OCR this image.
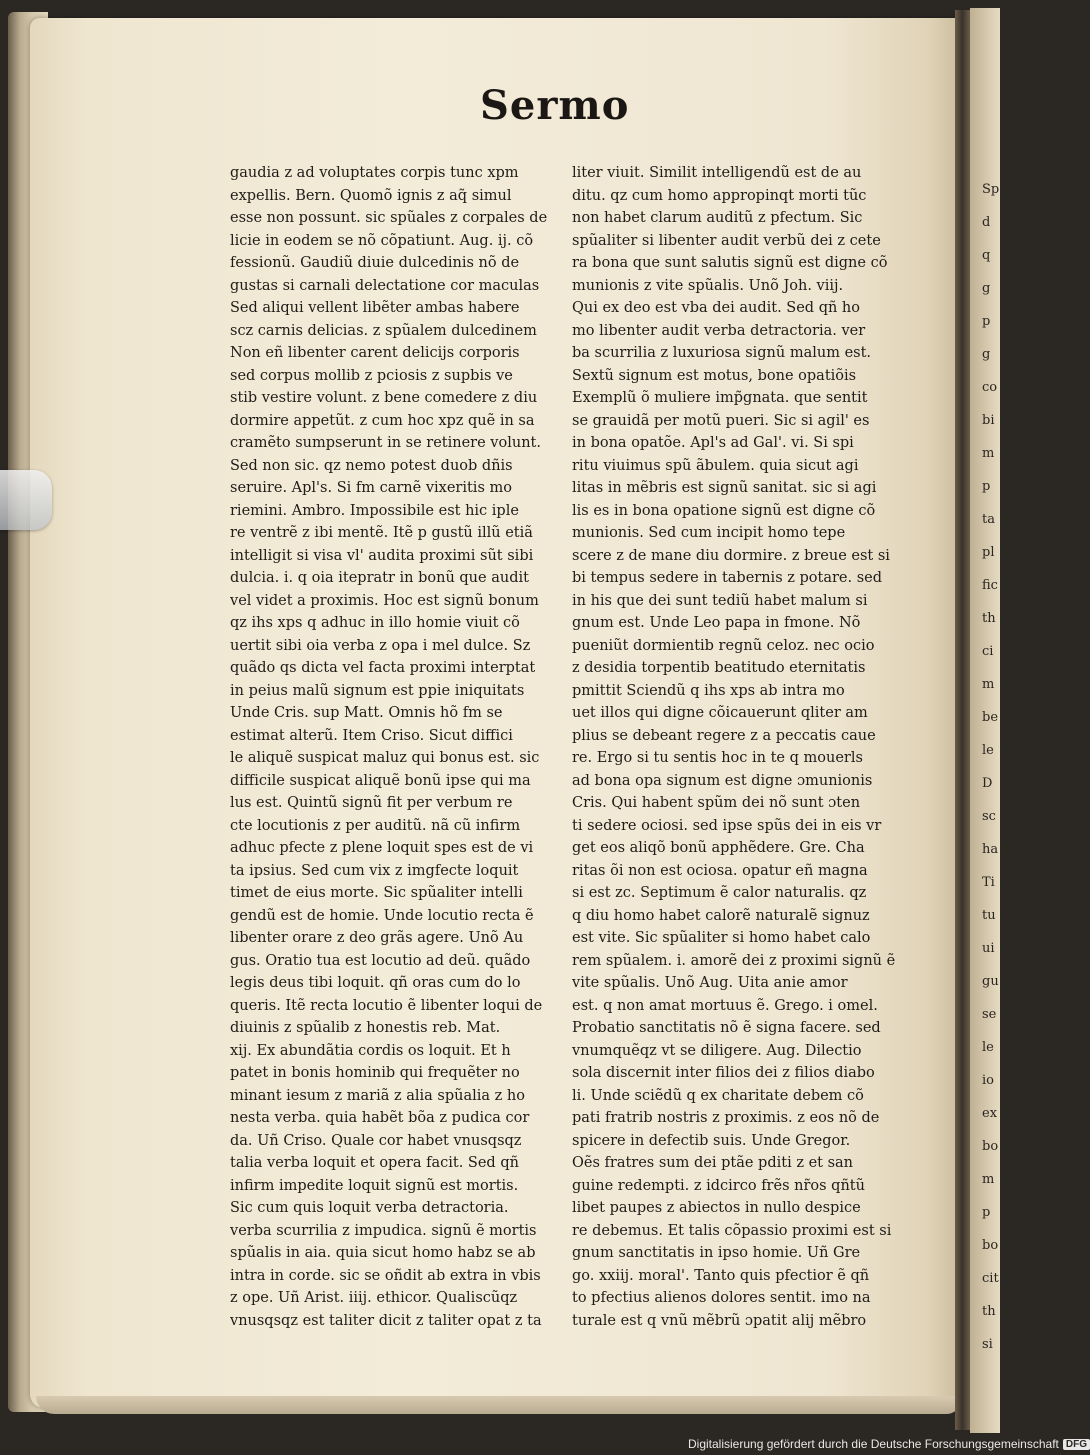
Sermo
gaudia z ad voluptates corpis tunc xpm
expellis. Bern. Quomõ ignis z aq̃ simul
esse non possunt. sic spũales z corpales de
licie in eodem se nõ cõpatiunt. Aug. ij. cõ
fessionũ. Gaudiũ diuie dulcedinis nõ de
gustas si carnali delectatione cor maculas
Sed aliqui vellent libẽter ambas habere
scz carnis delicias. z spũalem dulcedinem
Non eñ libenter carent delicijs corporis
sed corpus mollib z pciosis z supbis ve
stib vestire volunt. z bene comedere z diu
dormire appetũt. z cum hoc xpz quẽ in sa
cramẽto sumpserunt in se retinere volunt.
Sed non sic. qz nemo potest duob dñis
seruire. Apl's. Si fm carnẽ vixeritis mo
riemini. Ambro. Impossibile est hic iple
re ventrẽ z ibi mentẽ. Itẽ p gustũ illũ etiã
intelligit si visa vl' audita proximi sũt sibi
dulcia. i. q oia itepratr in bonũ que audit
vel videt a proximis. Hoc est signũ bonum
qz ihs xps q adhuc in illo homie viuit cõ
uertit sibi oia verba z opa i mel dulce. Sz
quãdo qs dicta vel facta proximi interptat
in peius malũ signum est ppie iniquitats
Unde Cris. sup Matt. Omnis hõ fm se
estimat alterũ. Item Criso. Sicut diffici
le aliquẽ suspicat maluz qui bonus est. sic
difficile suspicat aliquẽ bonũ ipse qui ma
lus est. Quintũ signũ fit per verbum re
cte locutionis z per auditũ. nã cũ infirm
adhuc pfecte z plene loquit spes est de vi
ta ipsius. Sed cum vix z imgfecte loquit
timet de eius morte. Sic spũaliter intelli
gendũ est de homie. Unde locutio recta ẽ
libenter orare z deo grãs agere. Unõ Au
gus. Oratio tua est locutio ad deũ. quãdo
legis deus tibi loquit. qñ oras cum do lo
queris. Itẽ recta locutio ẽ libenter loqui de
diuinis z spũalib z honestis reb. Mat.
xij. Ex abundãtia cordis os loquit. Et h
patet in bonis hominib qui frequẽter no
minant iesum z mariã z alia spũalia z ho
nesta verba. quia habẽt bõa z pudica cor
da. Uñ Criso. Quale cor habet vnusqsqz
talia verba loquit et opera facit. Sed qñ
infirm impedite loquit signũ est mortis.
Sic cum quis loquit verba detractoria.
verba scurrilia z impudica. signũ ẽ mortis
spũalis in aia. quia sicut homo habz se ab
intra in corde. sic se oñdit ab extra in vbis
z ope. Uñ Arist. iiij. ethicor. Qualiscũqz
vnusqsqz est taliter dicit z taliter opat z ta
liter viuit. Similit intelligendũ est de au
ditu. qz cum homo appropinqt morti tũc
non habet clarum auditũ z pfectum. Sic
spũaliter si libenter audit verbũ dei z cete
ra bona que sunt salutis signũ est digne cõ
munionis z vite spũalis. Unõ Joh. viij.
Qui ex deo est vba dei audit. Sed qñ ho
mo libenter audit verba detractoria. ver
ba scurrilia z luxuriosa signũ malum est.
Sextũ signum est motus, bone opatiõis
Exemplũ õ muliere imp̃gnata. que sentit
se grauidã per motũ pueri. Sic si agil' es
in bona opatõe. Apl's ad Gal'. vi. Si spi
ritu viuimus spũ ãbulem. quia sicut agi
litas in mẽbris est signũ sanitat. sic si agi
lis es in bona opatione signũ est digne cõ
munionis. Sed cum incipit homo tepe
scere z de mane diu dormire. z breue est si
bi tempus sedere in tabernis z potare. sed
in his que dei sunt tediũ habet malum si
gnum est. Unde Leo papa in fmone. Nõ
pueniũt dormientib regnũ celoz. nec ocio
z desidia torpentib beatitudo eternitatis
pmittit Sciendũ q ihs xps ab intra mo
uet illos qui digne cõicauerunt qliter am
plius se debeant regere z a peccatis caue
re. Ergo si tu sentis hoc in te q mouerls
ad bona opa signum est digne ɔmunionis
Cris. Qui habent spũm dei nõ sunt ɔten
ti sedere ociosi. sed ipse spũs dei in eis vr
get eos aliqõ bonũ apphẽdere. Gre. Cha
ritas õi non est ociosa. opatur eñ magna
si est zc. Septimum ẽ calor naturalis. qz
q diu homo habet calorẽ naturalẽ signuz
est vite. Sic spũaliter si homo habet calo
rem spũalem. i. amorẽ dei z proximi signũ ẽ
vite spũalis. Unõ Aug. Uita anie amor
est. q non amat mortuus ẽ. Grego. i omel.
Probatio sanctitatis nõ ẽ signa facere. sed
vnumquẽqz vt se diligere. Aug. Dilectio
sola discernit inter filios dei z filios diabo
li. Unde sciẽdũ q ex charitate debem cõ
pati fratrib nostris z proximis. z eos nõ de
spicere in defectib suis. Unde Gregor.
Oẽs fratres sum dei ptãe pditi z et san
guine redempti. z idcirco frẽs nr̃os qñtũ
libet paupes z abiectos in nullo despice
re debemus. Et talis cõpassio proximi est si
gnum sanctitatis in ipso homie. Uñ Gre
go. xxiij. moral'. Tanto quis pfectior ẽ qñ
to pfectius alienos dolores sentit. imo na
turale est q vnũ mẽbrũ ɔpatit alij mẽbro
Sp
d
q
g
p
g
co
bi
m
p
ta
pl
fic
th
ci
m
be
le
D
sc
ha
Ti
tu
ui
gu
se
le
io
ex
bo
m
p
bo
cit
th
si
Digitalisierung gefördert durch die Deutsche Forschungsgemeinschaft DFG
